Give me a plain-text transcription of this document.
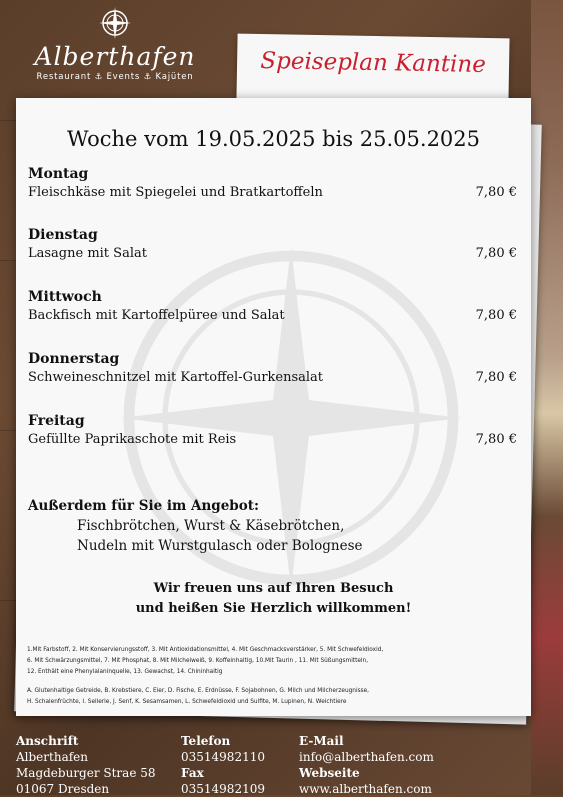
Alberthafen
Restaurant ⚓ Events ⚓ Kajüten	Speiseplan Kantine
Woche vom 19.05.2025 bis 25.05.2025
Montag
Fleischkäse mit Spiegelei und Bratkartoffeln	7,80 €
Dienstag
Lasagne mit Salat	7,80 €
Mittwoch
Backfisch mit Kartoffelpüree und Salat	7,80 €
Donnerstag
Schweineschnitzel mit Kartoffel-Gurkensalat	7,80 €
Freitag
Gefüllte Paprikaschote mit Reis	7,80 €
Außerdem für Sie im Angebot:
Fischbrötchen, Wurst & Käsebrötchen,
Nudeln mit Wurstgulasch oder Bolognese
Wir freuen uns auf Ihren Besuch
und heißen Sie Herzlich willkommen!
1.Mit Farbstoff, 2. Mit Konservierungsstoff, 3. Mit Antioxidationsmittel, 4. Mit Geschmacksverstärker, 5. Mit Schwefeldioxid,
6. Mit Schwärzungsmittel, 7. Mit Phosphat, 8. Mit Milcheiweiß, 9. Koffeinhaltig, 10.Mit Taurin , 11. Mit Süßungsmitteln,
12. Enthält eine Phenylalaninquelle, 13. Gewachst, 14. Chininhaltig
A. Glutenhaltige Getreide, B. Krebstiere, C. Eier, D. Fische, E. Erdnüsse, F. Sojabohnen, G. Milch und Milcherzeugnisse,
H. Schalenfrüchte, I. Sellerie, J. Senf, K. Sesamsamen, L. Schwefeldioxid und Sulfite, M. Lupinen, N. Weichtiere
Anschrift
Alberthafen
Magdeburger Strae 58
01067 Dresden
Telefon
03514982110
Fax
03514982109
E-Mail
info@alberthafen.com
Webseite
www.alberthafen.com
